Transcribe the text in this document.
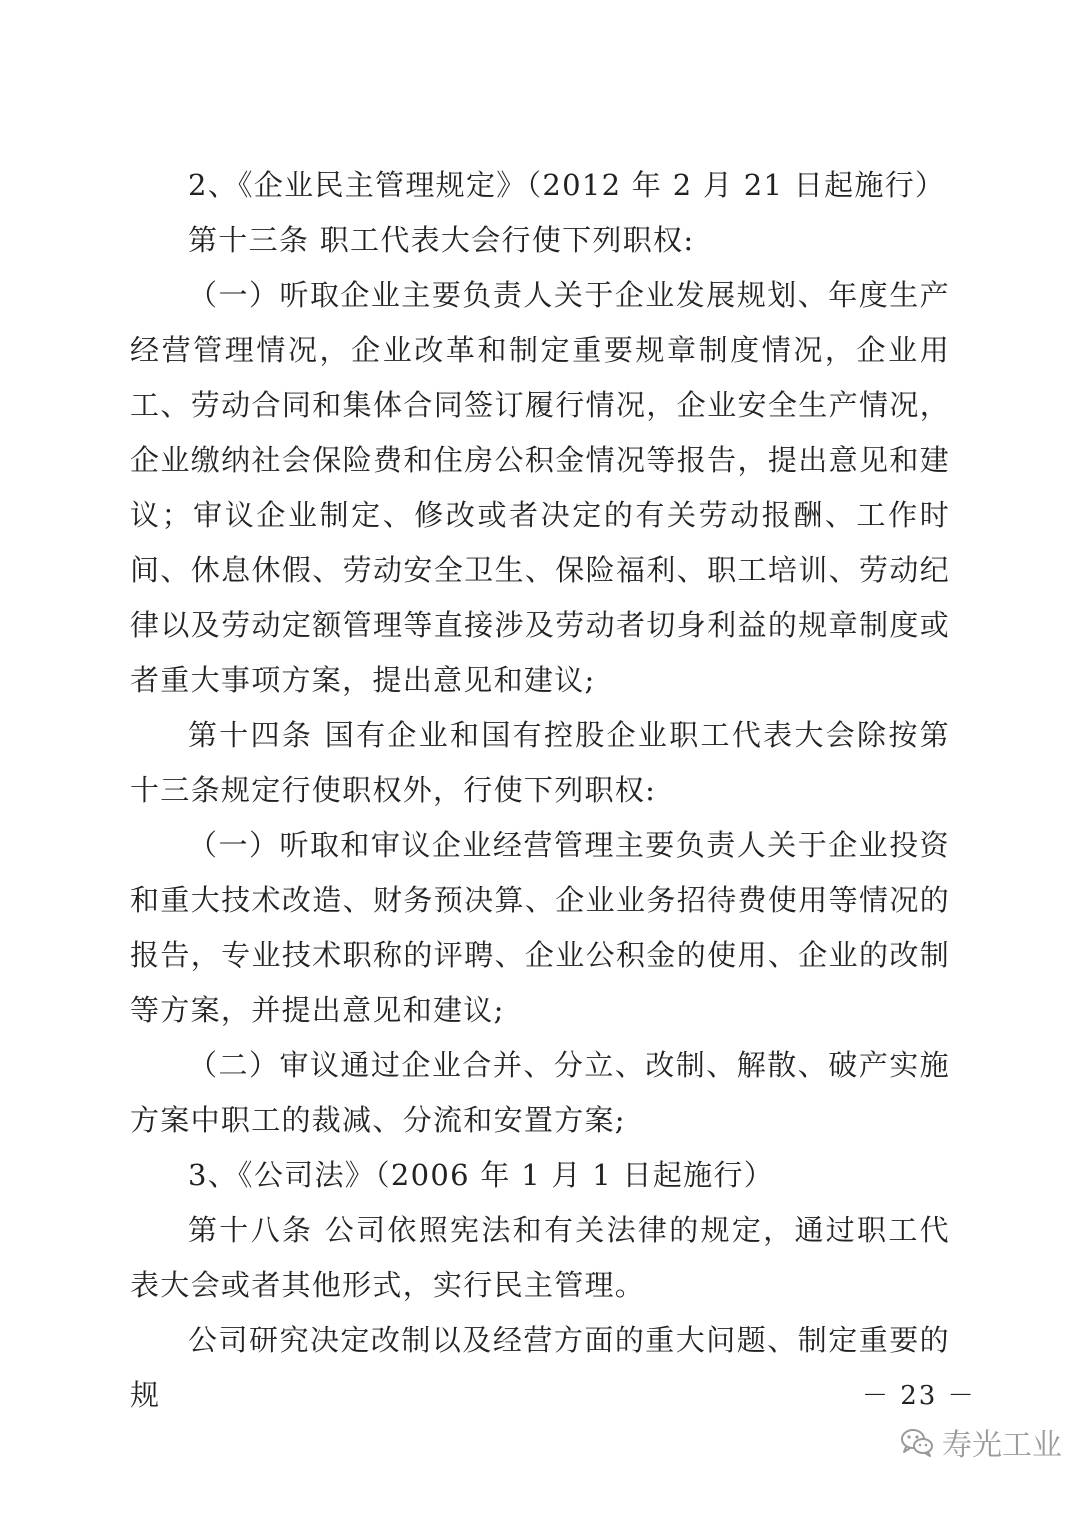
2、《企业民主管理规定》（2012 年 2 月 21 日起施行）

第十三条 职工代表大会行使下列职权:

（一）听取企业主要负责人关于企业发展规划、年度生产经营管理情况，企业改革和制定重要规章制度情况，企业用工、劳动合同和集体合同签订履行情况，企业安全生产情况，企业缴纳社会保险费和住房公积金情况等报告，提出意见和建议；审议企业制定、修改或者决定的有关劳动报酬、工作时间、休息休假、劳动安全卫生、保险福利、职工培训、劳动纪律以及劳动定额管理等直接涉及劳动者切身利益的规章制度或者重大事项方案，提出意见和建议;

第十四条 国有企业和国有控股企业职工代表大会除按第十三条规定行使职权外，行使下列职权:

（一）听取和审议企业经营管理主要负责人关于企业投资和重大技术改造、财务预决算、企业业务招待费使用等情况的报告，专业技术职称的评聘、企业公积金的使用、企业的改制等方案，并提出意见和建议;

（二）审议通过企业合并、分立、改制、解散、破产实施方案中职工的裁减、分流和安置方案;

3、《公司法》（2006 年 1 月 1 日起施行）

第十八条 公司依照宪法和有关法律的规定，通过职工代表大会或者其他形式，实行民主管理。

公司研究决定改制以及经营方面的重大问题、制定重要的规	－ 23 －

寿光工业
